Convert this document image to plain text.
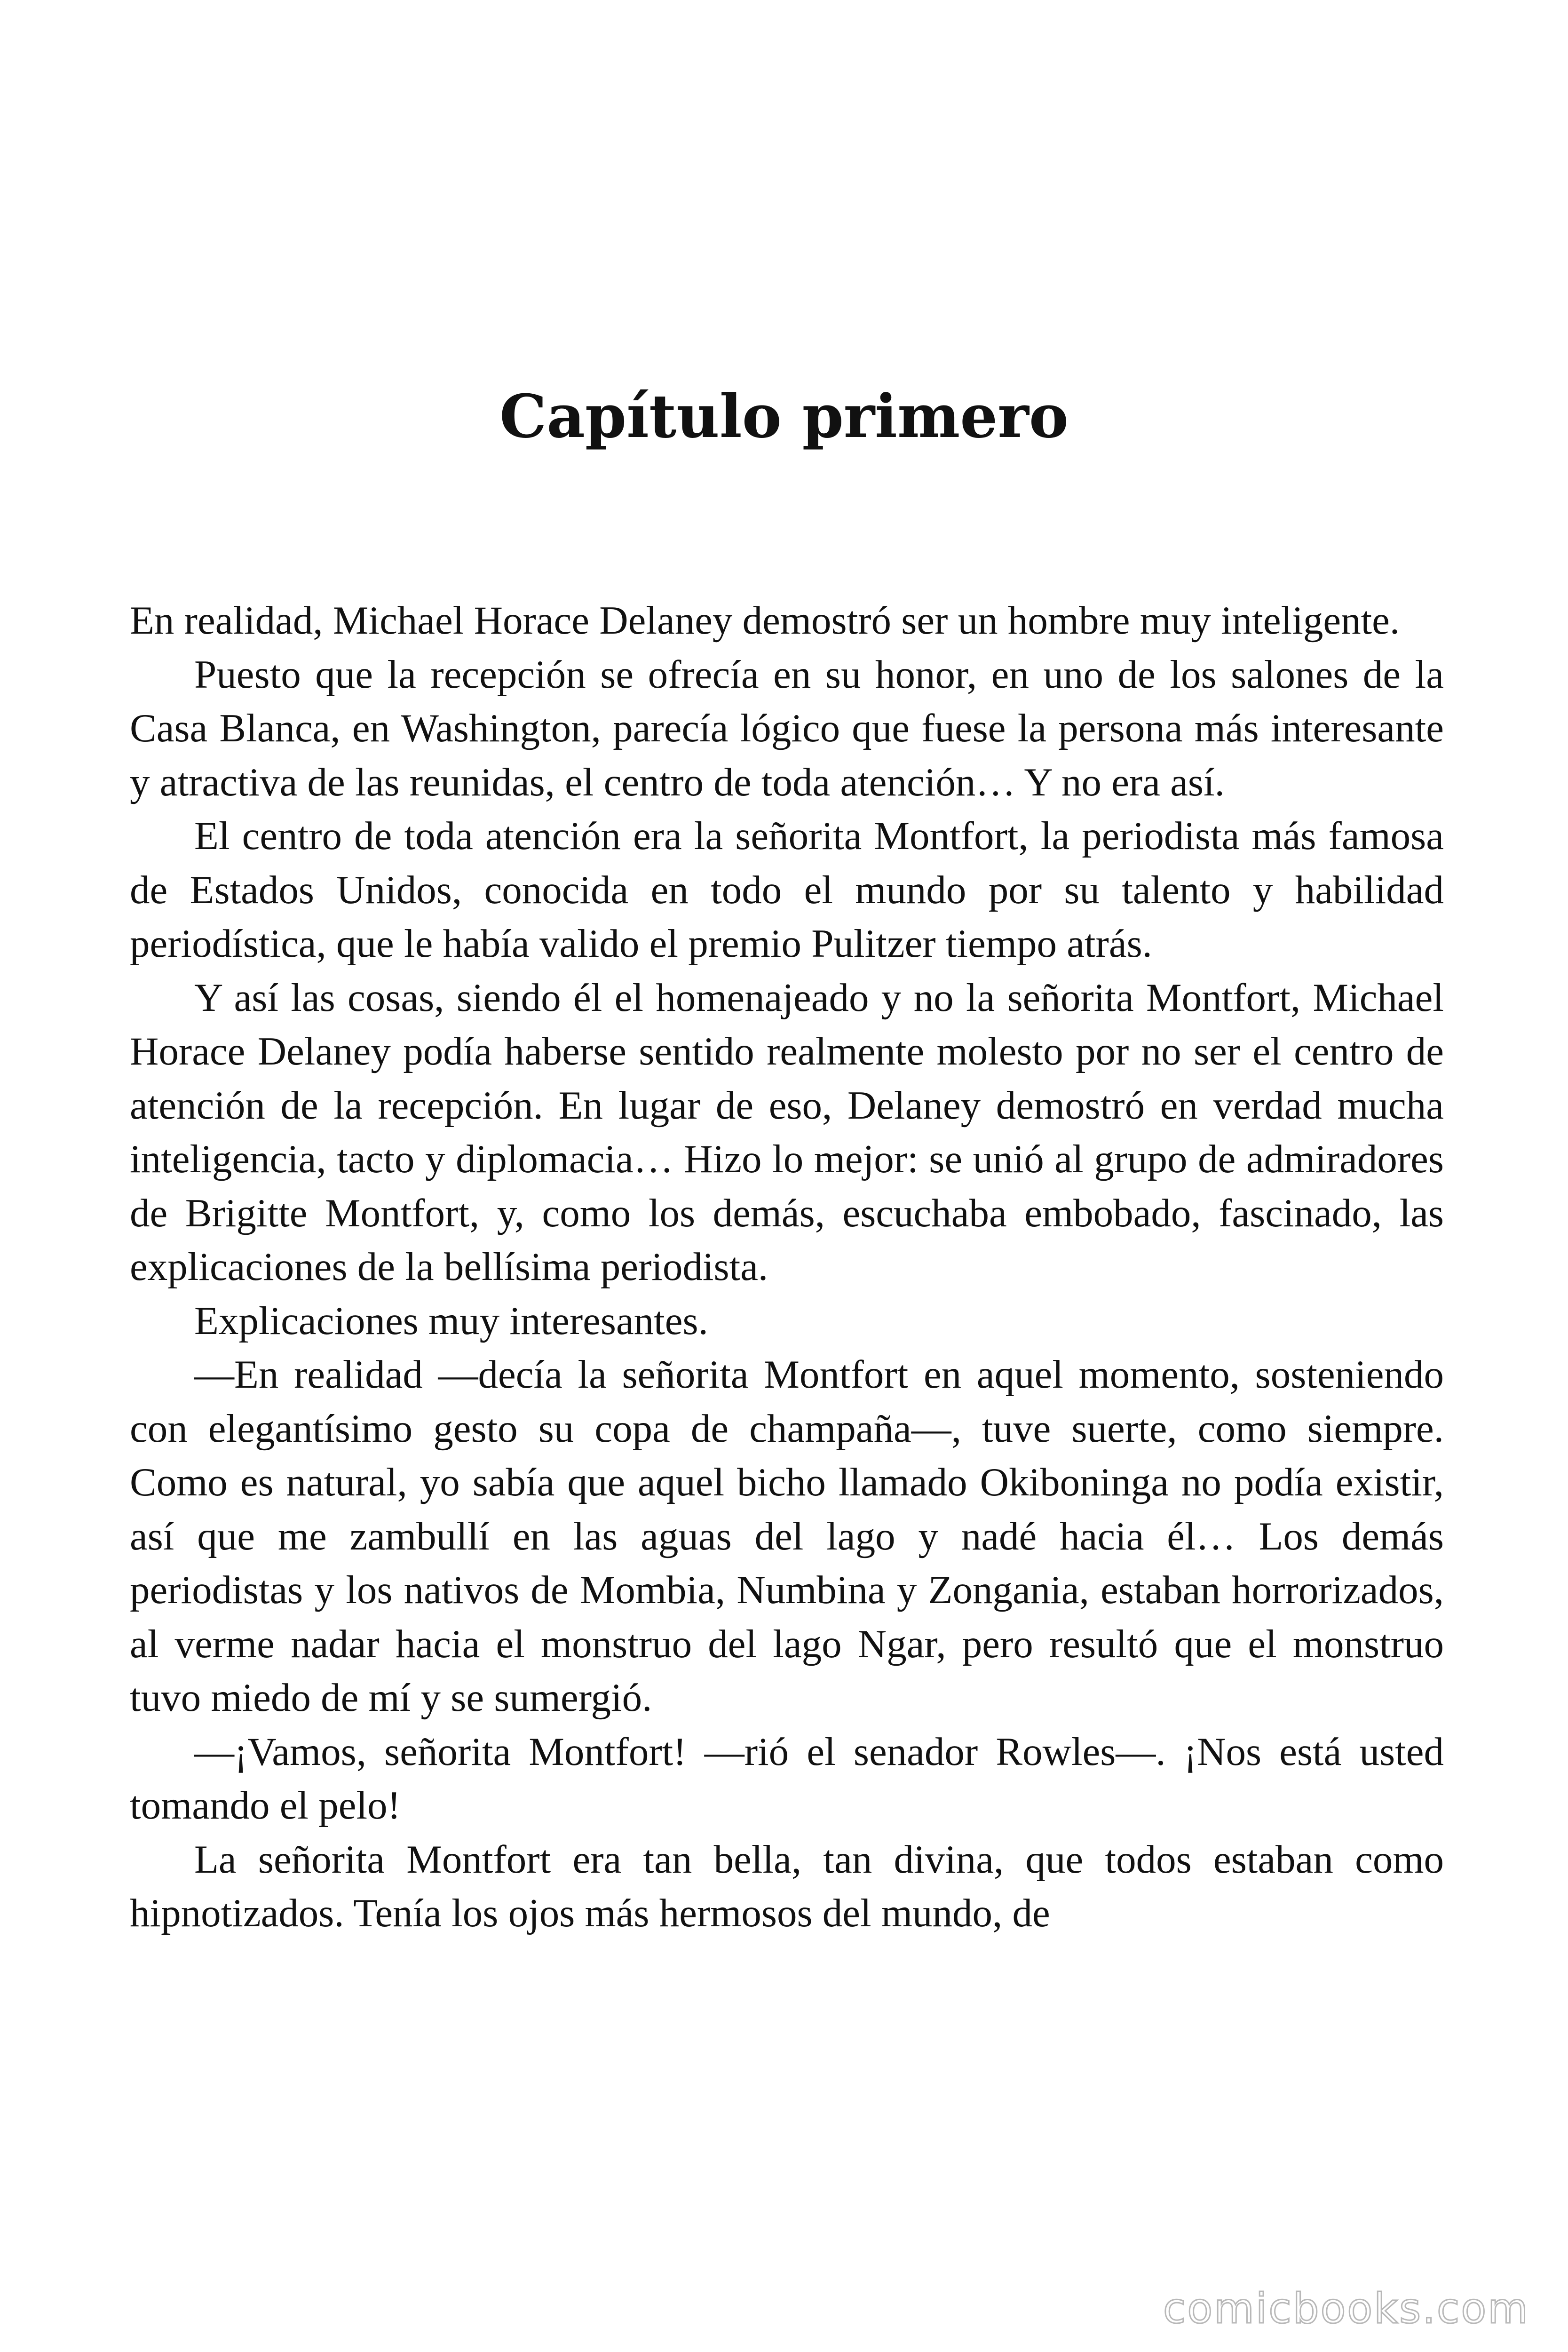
Capítulo primero

En realidad, Michael Horace Delaney demostró ser un hombre muy inteligente.

Puesto que la recepción se ofrecía en su honor, en uno de los salones de la Casa Blanca, en Washington, parecía lógico que fuese la persona más interesante y atractiva de las reunidas, el centro de toda atención… Y no era así.

El centro de toda atención era la señorita Montfort, la periodista más famosa de Estados Unidos, conocida en todo el mundo por su talento y habilidad periodística, que le había valido el premio Pulitzer tiempo atrás.

Y así las cosas, siendo él el homenajeado y no la señorita Montfort, Michael Horace Delaney podía haberse sentido realmente molesto por no ser el centro de atención de la recepción. En lugar de eso, Delaney demostró en verdad mucha inteligencia, tacto y diplomacia… Hizo lo mejor: se unió al grupo de admiradores de Brigitte Montfort, y, como los demás, escuchaba embobado, fascinado, las explicaciones de la bellísima periodista.

Explicaciones muy interesantes.

—En realidad —decía la señorita Montfort en aquel momento, sosteniendo con elegantísimo gesto su copa de champaña—, tuve suerte, como siempre. Como es natural, yo sabía que aquel bicho llamado Okiboninga no podía existir, así que me zambullí en las aguas del lago y nadé hacia él… Los demás periodistas y los nativos de Mombia, Numbina y Zongania, estaban horrorizados, al verme nadar hacia el monstruo del lago Ngar, pero resultó que el monstruo tuvo miedo de mí y se sumergió.

—¡Vamos, señorita Montfort! —rió el senador Rowles—. ¡Nos está usted tomando el pelo!

La señorita Montfort era tan bella, tan divina, que todos estaban como hipnotizados. Tenía los ojos más hermosos del mundo, de

comicbooks.com
